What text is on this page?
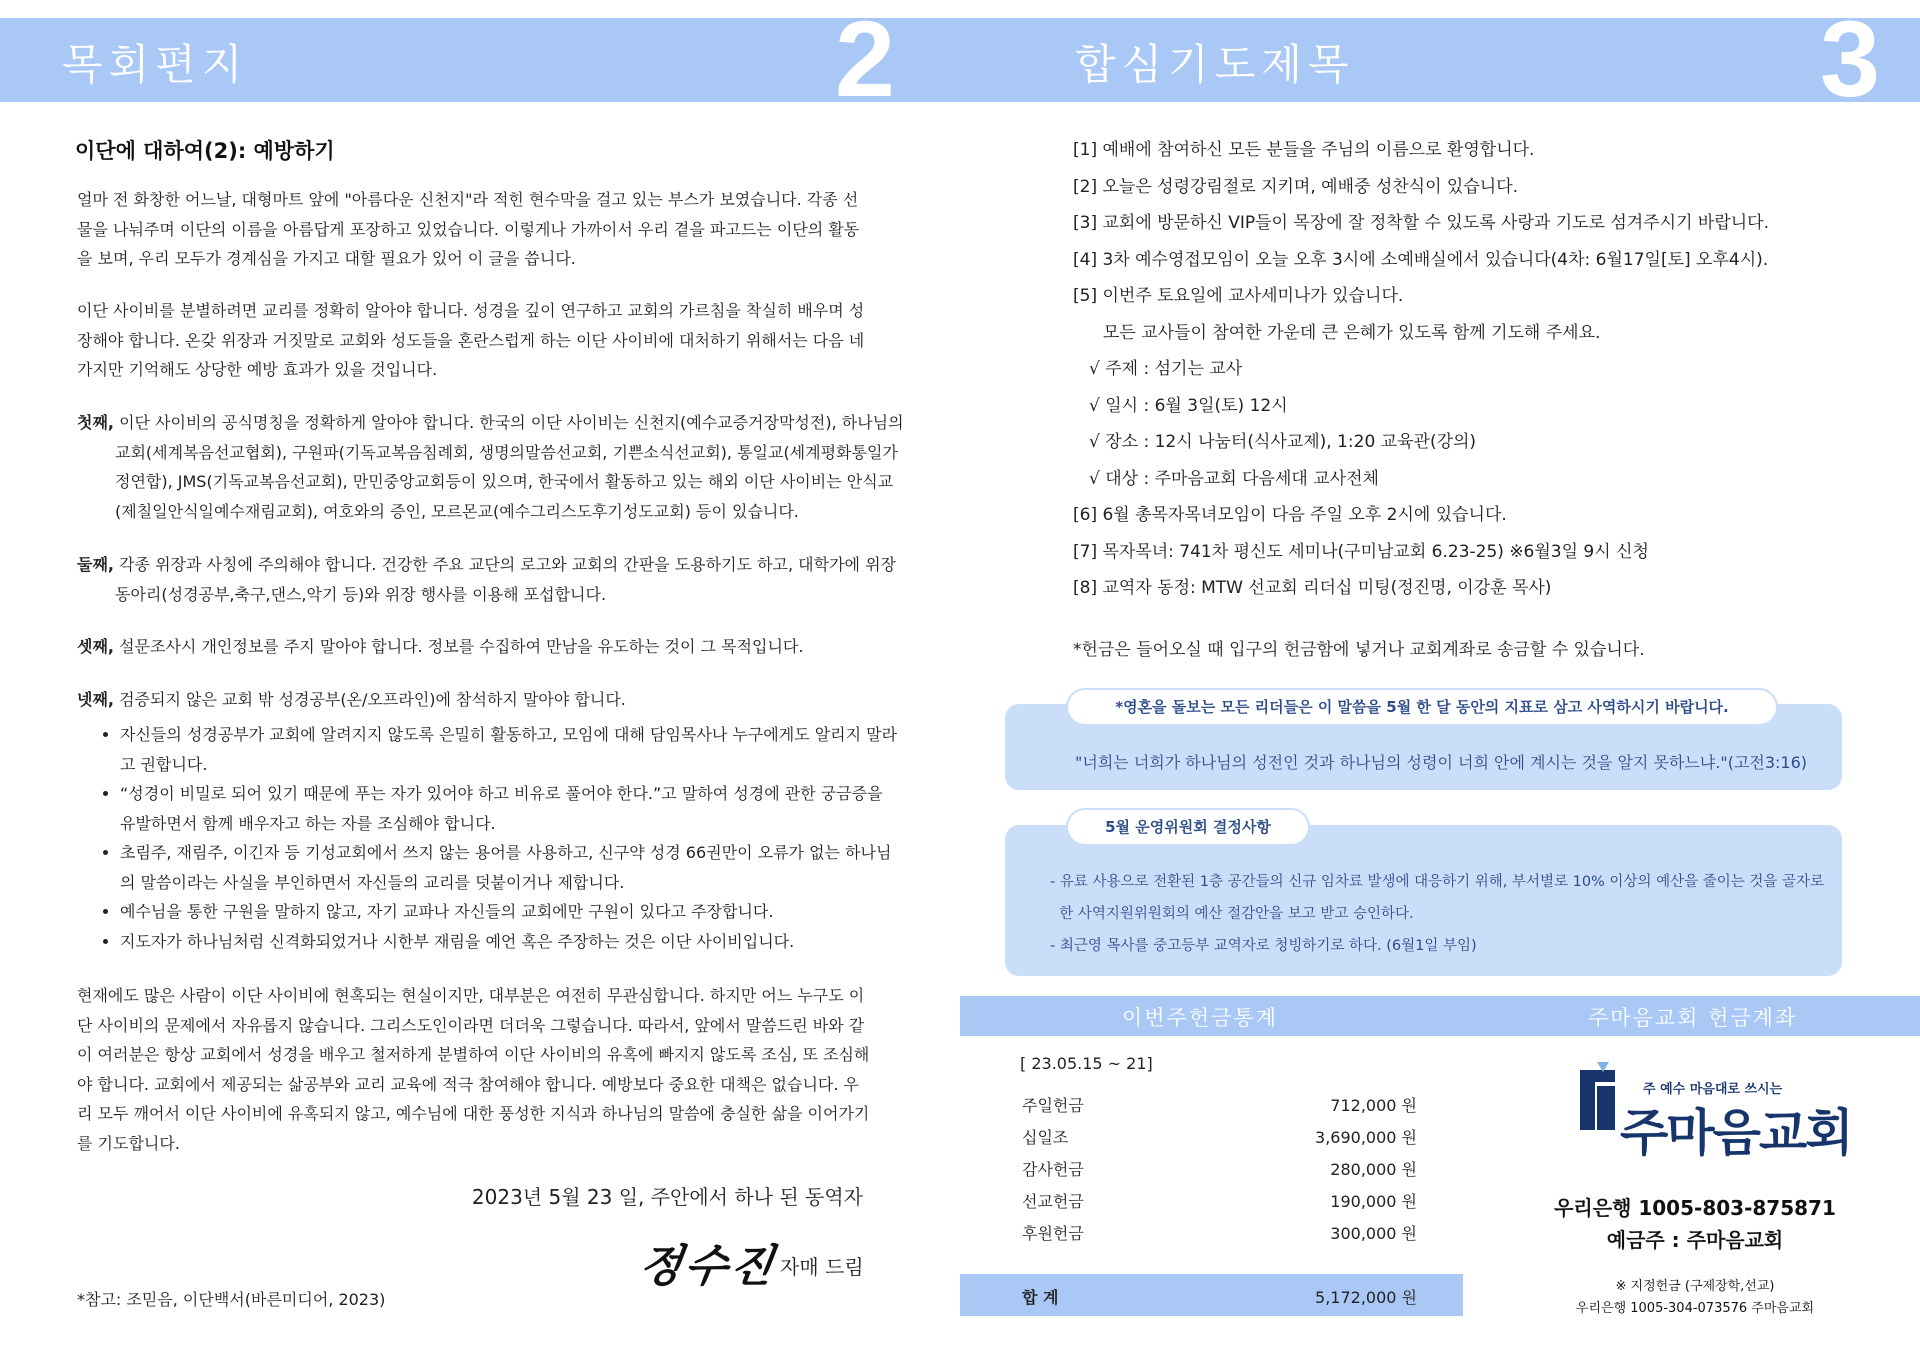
목회편지	2
이단에 대하여(2): 예방하기

얼마 전 화창한 어느날, 대형마트 앞에 "아름다운 신천지"라 적힌 현수막을 걸고 있는 부스가 보였습니다. 각종 선물을 나눠주며 이단의 이름을 아름답게 포장하고 있었습니다. 이렇게나 가까이서 우리 곁을 파고드는 이단의 활동을 보며, 우리 모두가 경계심을 가지고 대할 필요가 있어 이 글을 씁니다.

이단 사이비를 분별하려면 교리를 정확히 알아야 합니다. 성경을 깊이 연구하고 교회의 가르침을 착실히 배우며 성장해야 합니다. 온갖 위장과 거짓말로 교회와 성도들을 혼란스럽게 하는 이단 사이비에 대처하기 위해서는 다음 네 가지만 기억해도 상당한 예방 효과가 있을 것입니다.

첫째, 이단 사이비의 공식명칭을 정확하게 알아야 합니다. 한국의 이단 사이비는 신천지(예수교증거장막성전), 하나님의 교회(세계복음선교협회), 구원파(기독교복음침례회, 생명의말씀선교회, 기쁜소식선교회), 통일교(세계평화통일가정연합), JMS(기독교복음선교회), 만민중앙교회등이 있으며, 한국에서 활동하고 있는 해외 이단 사이비는 안식교(제칠일안식일예수재림교회), 여호와의 증인, 모르몬교(예수그리스도후기성도교회) 등이 있습니다.

둘째, 각종 위장과 사칭에 주의해야 합니다. 건강한 주요 교단의 로고와 교회의 간판을 도용하기도 하고, 대학가에 위장동아리(성경공부,축구,댄스,악기 등)와 위장 행사를 이용해 포섭합니다.

셋째, 설문조사시 개인정보를 주지 말아야 합니다. 정보를 수집하여 만남을 유도하는 것이 그 목적입니다.

넷째, 검증되지 않은 교회 밖 성경공부(온/오프라인)에 참석하지 말아야 합니다.

• 자신들의 성경공부가 교회에 알려지지 않도록 은밀히 활동하고, 모임에 대해 담임목사나 누구에게도 알리지 말라고 권합니다.
• “성경이 비밀로 되어 있기 때문에 푸는 자가 있어야 하고 비유로 풀어야 한다.”고 말하여 성경에 관한 궁금증을 유발하면서 함께 배우자고 하는 자를 조심해야 합니다.
• 초림주, 재림주, 이긴자 등 기성교회에서 쓰지 않는 용어를 사용하고, 신구약 성경 66권만이 오류가 없는 하나님의 말씀이라는 사실을 부인하면서 자신들의 교리를 덧붙이거나 제합니다.
• 예수님을 통한 구원을 말하지 않고, 자기 교파나 자신들의 교회에만 구원이 있다고 주장합니다.
• 지도자가 하나님처럼 신격화되었거나 시한부 재림을 예언 혹은 주장하는 것은 이단 사이비입니다.

현재에도 많은 사람이 이단 사이비에 현혹되는 현실이지만, 대부분은 여전히 무관심합니다. 하지만 어느 누구도 이단 사이비의 문제에서 자유롭지 않습니다. 그리스도인이라면 더더욱 그렇습니다. 따라서, 앞에서 말씀드린 바와 같이 여러분은 항상 교회에서 성경을 배우고 철저하게 분별하여 이단 사이비의 유혹에 빠지지 않도록 조심, 또 조심해야 합니다. 교회에서 제공되는 삶공부와 교리 교육에 적극 참여해야 합니다. 예방보다 중요한 대책은 없습니다. 우리 모두 깨어서 이단 사이비에 유혹되지 않고, 예수님에 대한 풍성한 지식과 하나님의 말씀에 충실한 삶을 이어가기를 기도합니다.

2023년 5월 23 일, 주안에서 하나 된 동역자
정수진 자매 드림
*참고: 조믿음, 이단백서(바른미디어, 2023)
합심기도제목	3
[1] 예배에 참여하신 모든 분들을 주님의 이름으로 환영합니다.
[2] 오늘은 성령강림절로 지키며, 예배중 성찬식이 있습니다.
[3] 교회에 방문하신 VIP들이 목장에 잘 정착할 수 있도록 사랑과 기도로 섬겨주시기 바랍니다.
[4] 3차 예수영접모임이 오늘 오후 3시에 소예배실에서 있습니다(4차: 6월17일[토] 오후4시).
[5] 이번주 토요일에 교사세미나가 있습니다.
모든 교사들이 참여한 가운데 큰 은혜가 있도록 함께 기도해 주세요.
√ 주제 : 섬기는 교사
√ 일시 : 6월 3일(토) 12시
√ 장소 : 12시 나눔터(식사교제), 1:20 교육관(강의)
√ 대상 : 주마음교회 다음세대 교사전체
[6] 6월 총목자목녀모임이 다음 주일 오후 2시에 있습니다.
[7] 목자목녀: 741차 평신도 세미나(구미남교회 6.23-25) ※6월3일 9시 신청
[8] 교역자 동정: MTW 선교회 리더십 미팅(정진명, 이강훈 목사)
*헌금은 들어오실 때 입구의 헌금함에 넣거나 교회계좌로 송금할 수 있습니다.
*영혼을 돌보는 모든 리더들은 이 말씀을 5월 한 달 동안의 지표로 삼고 사역하시기 바랍니다.
"너희는 너희가 하나님의 성전인 것과 하나님의 성령이 너희 안에 계시는 것을 알지 못하느냐."(고전3:16)
5월 운영위원회 결정사항
- 유료 사용으로 전환된 1층 공간들의 신규 임차료 발생에 대응하기 위해, 부서별로 10% 이상의 예산을 줄이는 것을 골자로
한 사역지원위원회의 예산 절감안을 보고 받고 승인하다.
- 최근영 목사를 중고등부 교역자로 청빙하기로 하다. (6월1일 부임)
이번주헌금통계	주마음교회 헌금계좌
[ 23.05.15 ~ 21]
주일헌금	712,000 원
십일조	3,690,000 원
감사헌금	280,000 원
선교헌금	190,000 원
후원헌금	300,000 원
합 계	5,172,000 원
주 예수 마음대로 쓰시는
주마음교회
우리은행 1005-803-875871
예금주 : 주마음교회
※ 지정헌금 (구제장학,선교)
우리은행 1005-304-073576 주마음교회
